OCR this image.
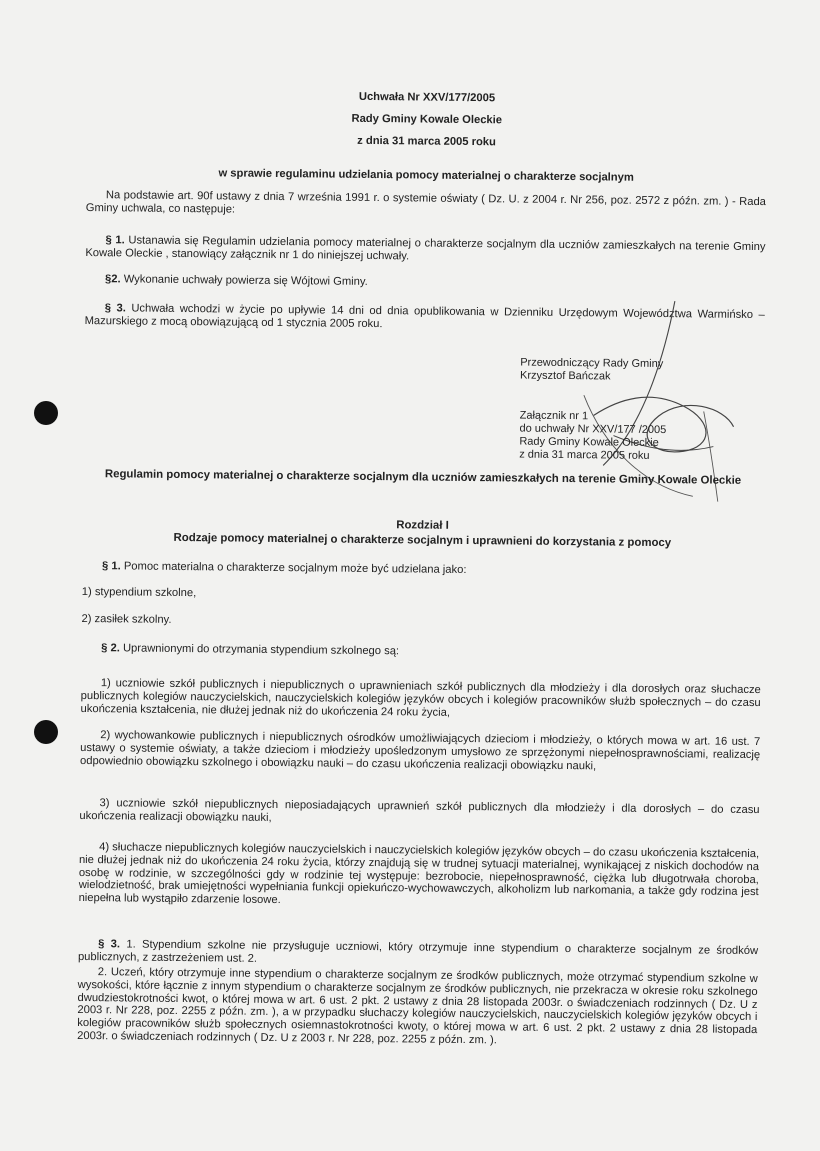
Uchwała Nr XXV/177/2005
Rady Gminy Kowale Oleckie
z dnia 31 marca 2005 roku
w sprawie regulaminu udzielania pomocy materialnej o charakterze socjalnym
Na podstawie art. 90f ustawy z dnia 7 września 1991 r. o systemie oświaty ( Dz. U. z 2004 r. Nr 256, poz. 2572 z późn. zm. ) - Rada Gminy uchwala, co następuje:
§ 1. Ustanawia się Regulamin udzielania pomocy materialnej o charakterze socjalnym dla uczniów zamieszkałych na terenie Gminy Kowale Oleckie , stanowiący załącznik nr 1 do niniejszej uchwały.
§2. Wykonanie uchwały powierza się Wójtowi Gminy.
§ 3. Uchwała wchodzi w życie po upływie 14 dni od dnia opublikowania w Dzienniku Urzędowym Województwa Warmińsko – Mazurskiego z mocą obowiązującą od 1 stycznia 2005 roku.
Przewodniczący Rady Gminy
Krzysztof Bańczak
Załącznik nr 1
do uchwały Nr XXV/177 /2005
Rady Gminy Kowale Oleckie
z dnia 31 marca 2005 roku
Regulamin pomocy materialnej o charakterze socjalnym dla uczniów zamieszkałych na terenie Gminy Kowale Oleckie
Rozdział I
Rodzaje pomocy materialnej o charakterze socjalnym i uprawnieni do korzystania z pomocy
§ 1. Pomoc materialna o charakterze socjalnym może być udzielana jako:
1) stypendium szkolne,
2) zasiłek szkolny.
§ 2. Uprawnionymi do otrzymania stypendium szkolnego są:
1) uczniowie szkół publicznych i niepublicznych o uprawnieniach szkół publicznych dla młodzieży i dla dorosłych oraz słuchacze publicznych kolegiów nauczycielskich, nauczycielskich kolegiów języków obcych i kolegiów pracowników służb społecznych – do czasu ukończenia kształcenia, nie dłużej jednak niż do ukończenia 24 roku życia,
2) wychowankowie publicznych i niepublicznych ośrodków umożliwiających dzieciom i młodzieży, o których mowa w art. 16 ust. 7 ustawy o systemie oświaty, a także dzieciom i młodzieży upośledzonym umysłowo ze sprzężonymi niepełnosprawnościami, realizację odpowiednio obowiązku szkolnego i obowiązku nauki – do czasu ukończenia realizacji obowiązku nauki,
3) uczniowie szkół niepublicznych nieposiadających uprawnień szkół publicznych dla młodzieży i dla dorosłych – do czasu ukończenia realizacji obowiązku nauki,
4) słuchacze niepublicznych kolegiów nauczycielskich i nauczycielskich kolegiów języków obcych – do czasu ukończenia kształcenia, nie dłużej jednak niż do ukończenia 24 roku życia, którzy znajdują się w trudnej sytuacji materialnej, wynikającej z niskich dochodów na osobę w rodzinie, w szczególności gdy w rodzinie tej występuje: bezrobocie, niepełnosprawność, ciężka lub długotrwała choroba, wielodzietność, brak umiejętności wypełniania funkcji opiekuńczo-wychowawczych, alkoholizm lub narkomania, a także gdy rodzina jest niepełna lub wystąpiło zdarzenie losowe.
§ 3. 1. Stypendium szkolne nie przysługuje uczniowi, który otrzymuje inne stypendium o charakterze socjalnym ze środków publicznych, z zastrzeżeniem ust. 2.
2. Uczeń, który otrzymuje inne stypendium o charakterze socjalnym ze środków publicznych, może otrzymać stypendium szkolne w wysokości, które łącznie z innym stypendium o charakterze socjalnym ze środków publicznych, nie przekracza w okresie roku szkolnego dwudziestokrotności kwot, o której mowa w art. 6 ust. 2 pkt. 2 ustawy z dnia 28 listopada 2003r. o świadczeniach rodzinnych ( Dz. U z 2003 r. Nr 228, poz. 2255 z późn. zm. ), a w przypadku słuchaczy kolegiów nauczycielskich, nauczycielskich kolegiów języków obcych i kolegiów pracowników służb społecznych osiemnastokrotności kwoty, o której mowa w art. 6 ust. 2 pkt. 2 ustawy z dnia 28 listopada 2003r. o świadczeniach rodzinnych ( Dz. U z 2003 r. Nr 228, poz. 2255 z późn. zm. ).
